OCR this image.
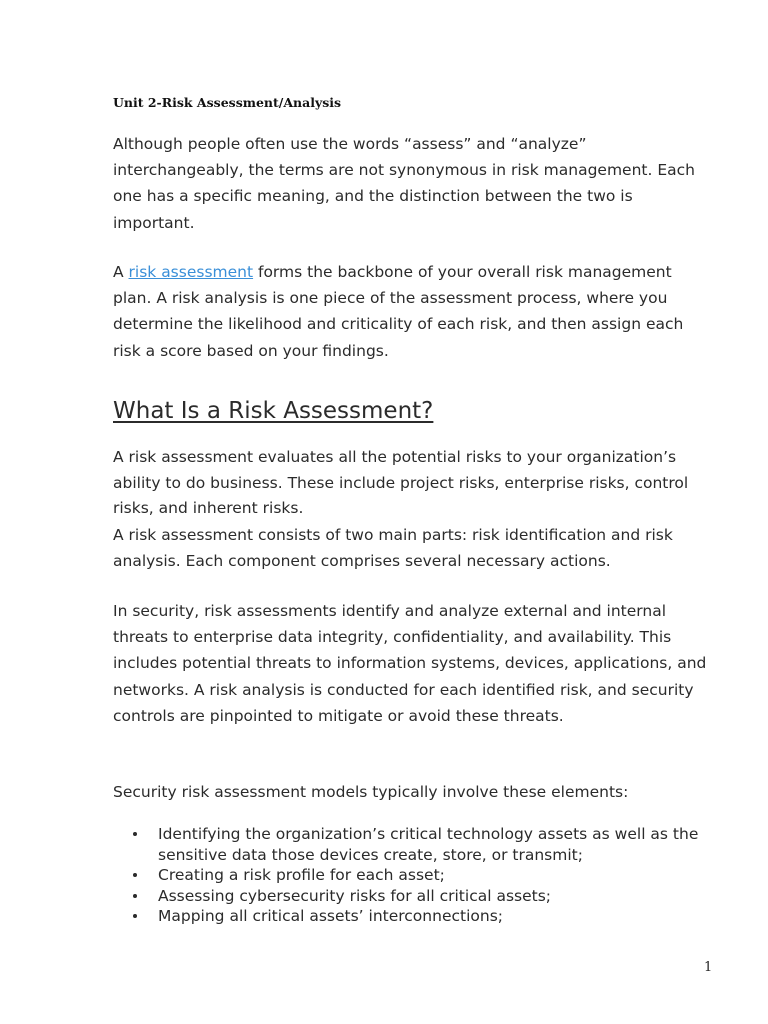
Unit 2-Risk Assessment/Analysis

Although people often use the words “assess” and “analyze” interchangeably, the terms are not synonymous in risk management. Each one has a specific meaning, and the distinction between the two is important.

A risk assessment forms the backbone of your overall risk management plan. A risk analysis is one piece of the assessment process, where you determine the likelihood and criticality of each risk, and then assign each risk a score based on your findings.

What Is a Risk Assessment?

A risk assessment evaluates all the potential risks to your organization’s ability to do business. These include project risks, enterprise risks, control risks, and inherent risks.

A risk assessment consists of two main parts: risk identification and risk analysis. Each component comprises several necessary actions.

In security, risk assessments identify and analyze external and internal threats to enterprise data integrity, confidentiality, and availability. This includes potential threats to information systems, devices, applications, and networks. A risk analysis is conducted for each identified risk, and security controls are pinpointed to mitigate or avoid these threats.

Security risk assessment models typically involve these elements:

Identifying the organization’s critical technology assets as well as the sensitive data those devices create, store, or transmit;
Creating a risk profile for each asset;
Assessing cybersecurity risks for all critical assets;
Mapping all critical assets’ interconnections;
1
